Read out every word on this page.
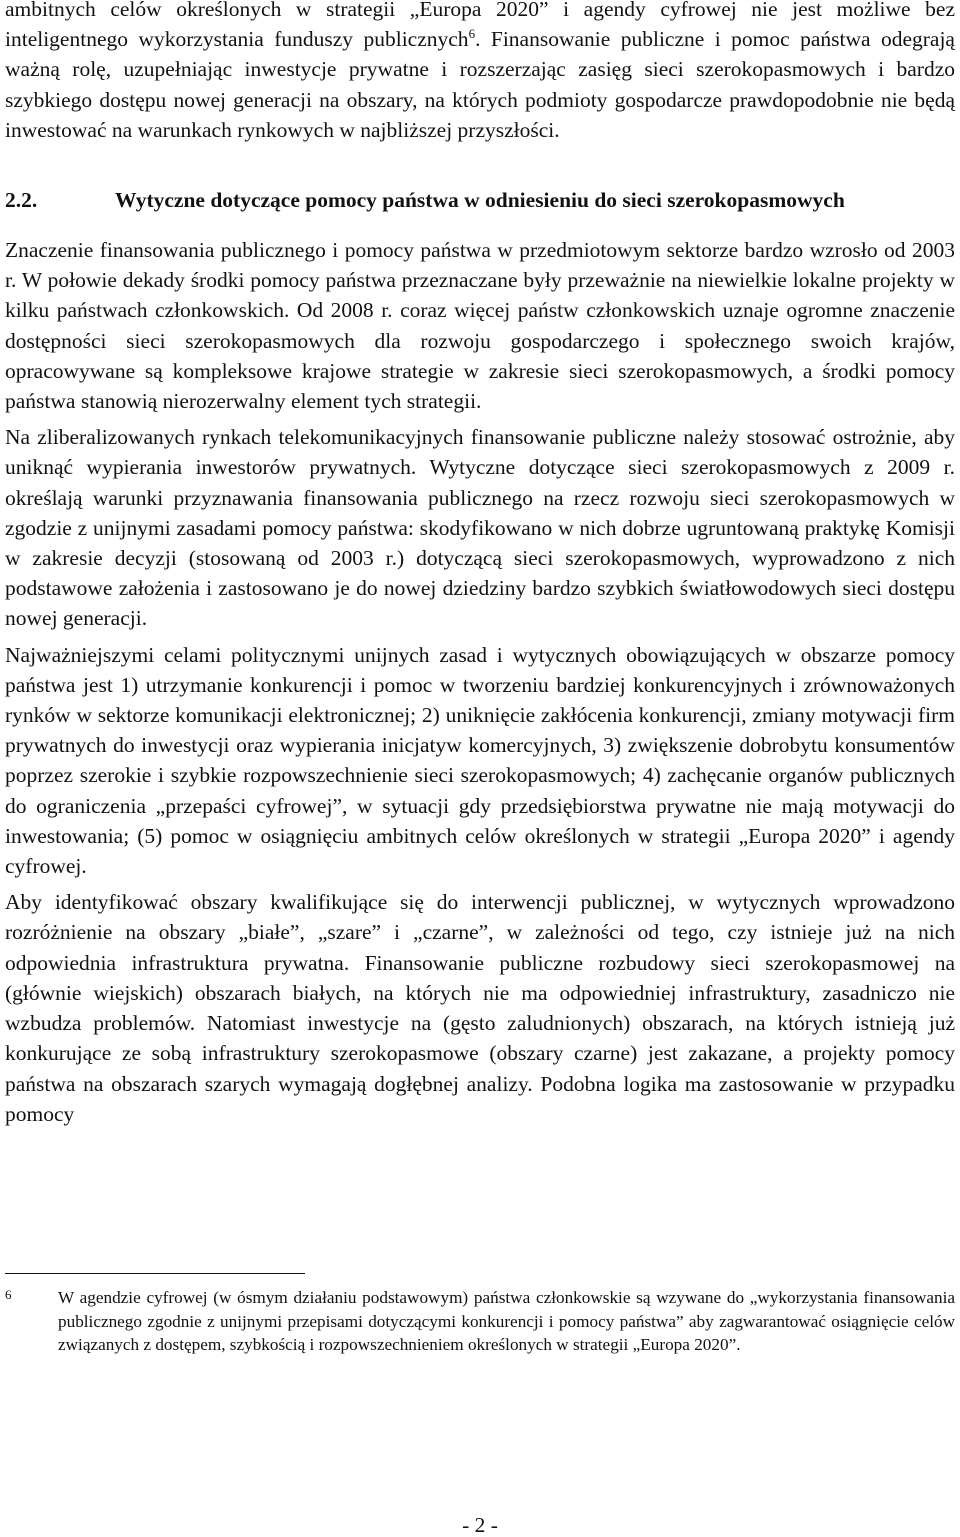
ambitnych celów określonych w strategii „Europa 2020” i agendy cyfrowej nie jest możliwe bez inteligentnego wykorzystania funduszy publicznych$^6$. Finansowanie publiczne i pomoc państwa odegrają ważną rolę, uzupełniając inwestycje prywatne i rozszerzając zasięg sieci szerokopasmowych i bardzo szybkiego dostępu nowej generacji na obszary, na których podmioty gospodarcze prawdopodobnie nie będą inwestować na warunkach rynkowych w najbliższej przyszłości.

2.2.	Wytyczne dotyczące pomocy państwa w odniesieniu do sieci szerokopasmowych

Znaczenie finansowania publicznego i pomocy państwa w przedmiotowym sektorze bardzo wzrosło od 2003 r. W połowie dekady środki pomocy państwa przeznaczane były przeważnie na niewielkie lokalne projekty w kilku państwach członkowskich. Od 2008 r. coraz więcej państw członkowskich uznaje ogromne znaczenie dostępności sieci szerokopasmowych dla rozwoju gospodarczego i społecznego swoich krajów, opracowywane są kompleksowe krajowe strategie w zakresie sieci szerokopasmowych, a środki pomocy państwa stanowią nierozerwalny element tych strategii.

Na zliberalizowanych rynkach telekomunikacyjnych finansowanie publiczne należy stosować ostrożnie, aby uniknąć wypierania inwestorów prywatnych. Wytyczne dotyczące sieci szerokopasmowych z 2009 r. określają warunki przyznawania finansowania publicznego na rzecz rozwoju sieci szerokopasmowych w zgodzie z unijnymi zasadami pomocy państwa: skodyfikowano w nich dobrze ugruntowaną praktykę Komisji w zakresie decyzji (stosowaną od 2003 r.) dotyczącą sieci szerokopasmowych, wyprowadzono z nich podstawowe założenia i zastosowano je do nowej dziedziny bardzo szybkich światłowodowych sieci dostępu nowej generacji.

Najważniejszymi celami politycznymi unijnych zasad i wytycznych obowiązujących w obszarze pomocy państwa jest 1) utrzymanie konkurencji i pomoc w tworzeniu bardziej konkurencyjnych i zrównoważonych rynków w sektorze komunikacji elektronicznej; 2) uniknięcie zakłócenia konkurencji, zmiany motywacji firm prywatnych do inwestycji oraz wypierania inicjatyw komercyjnych, 3) zwiększenie dobrobytu konsumentów poprzez szerokie i szybkie rozpowszechnienie sieci szerokopasmowych; 4) zachęcanie organów publicznych do ograniczenia „przepaści cyfrowej”, w sytuacji gdy przedsiębiorstwa prywatne nie mają motywacji do inwestowania; (5) pomoc w osiągnięciu ambitnych celów określonych w strategii „Europa 2020” i agendy cyfrowej.

Aby identyfikować obszary kwalifikujące się do interwencji publicznej, w wytycznych wprowadzono rozróżnienie na obszary „białe”, „szare” i „czarne”, w zależności od tego, czy istnieje już na nich odpowiednia infrastruktura prywatna. Finansowanie publiczne rozbudowy sieci szerokopasmowej na (głównie wiejskich) obszarach białych, na których nie ma odpowiedniej infrastruktury, zasadniczo nie wzbudza problemów. Natomiast inwestycje na (gęsto zaludnionych) obszarach, na których istnieją już konkurujące ze sobą infrastruktury szerokopasmowe (obszary czarne) jest zakazane, a projekty pomocy państwa na obszarach szarych wymagają dogłębnej analizy. Podobna logika ma zastosowanie w przypadku pomocy

6	W agendzie cyfrowej (w ósmym działaniu podstawowym) państwa członkowskie są wzywane do „wykorzystania finansowania publicznego zgodnie z unijnymi przepisami dotyczącymi konkurencji i pomocy państwa” aby zagwarantować osiągnięcie celów związanych z dostępem, szybkością i rozpowszechnieniem określonych w strategii „Europa 2020”.
- 2 -
